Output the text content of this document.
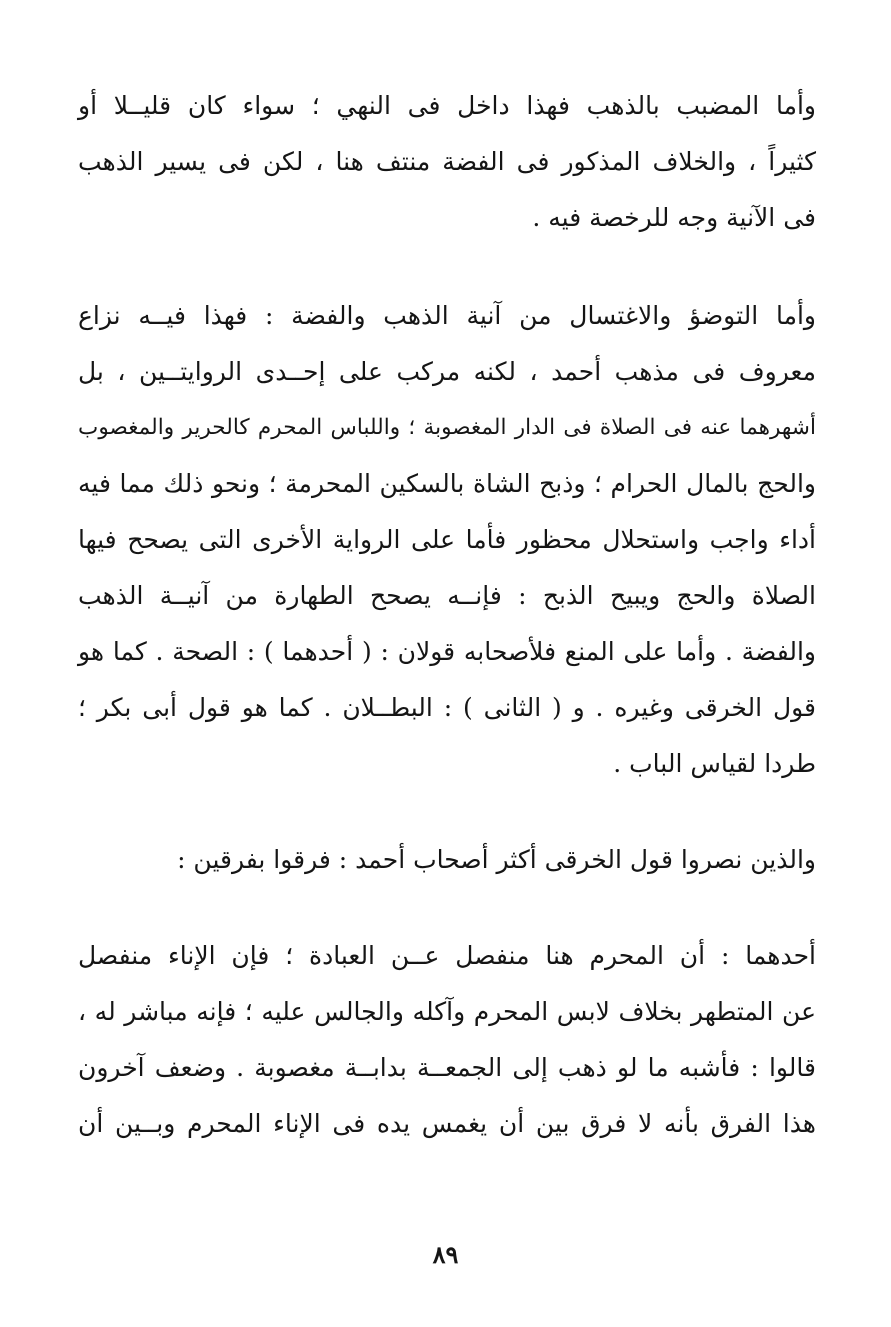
وأما المضبب بالذهب فهذا داخل فى النهي ؛ سواء كان قليــلا أو
كثيراً ، والخلاف المذكور فى الفضة منتف هنا ، لكن فى يسير الذهب
فى الآنية وجه للرخصة فيه .
وأما التوضؤ والاغتسال من آنية الذهب والفضة : فهذا فيــه نزاع
معروف فى مذهب أحمد ، لكنه مركب على إحــدى الروايتــين ، بل
أشهرهما عنه فى الصلاة فى الدار المغصوبة ؛ واللباس المحرم كالحرير والمغصوب
والحج بالمال الحرام ؛ وذبح الشاة بالسكين المحرمة ؛ ونحو ذلك مما فيه
أداء واجب واستحلال محظور فأما على الرواية الأخرى التى يصحح فيها
الصلاة والحج ويبيح الذبح : فإنــه يصحح الطهارة من آنيــة الذهب
والفضة . وأما على المنع فلأصحابه قولان : ( أحدهما ) : الصحة . كما هو
قول الخرقى وغيره . و ( الثانى ) : البطــلان . كما هو قول أبى بكر ؛
طردا لقياس الباب .
والذين نصروا قول الخرقى أكثر أصحاب أحمد : فرقوا بفرقين :
أحدهما : أن المحرم هنا منفصل عــن العبادة ؛ فإن الإناء منفصل
عن المتطهر بخلاف لابس المحرم وآكله والجالس عليه ؛ فإنه مباشر له ،
قالوا : فأشبه ما لو ذهب إلى الجمعــة بدابــة مغصوبة . وضعف آخرون
هذا الفرق بأنه لا فرق بين أن يغمس يده فى الإناء المحرم وبــين أن
٨٩
